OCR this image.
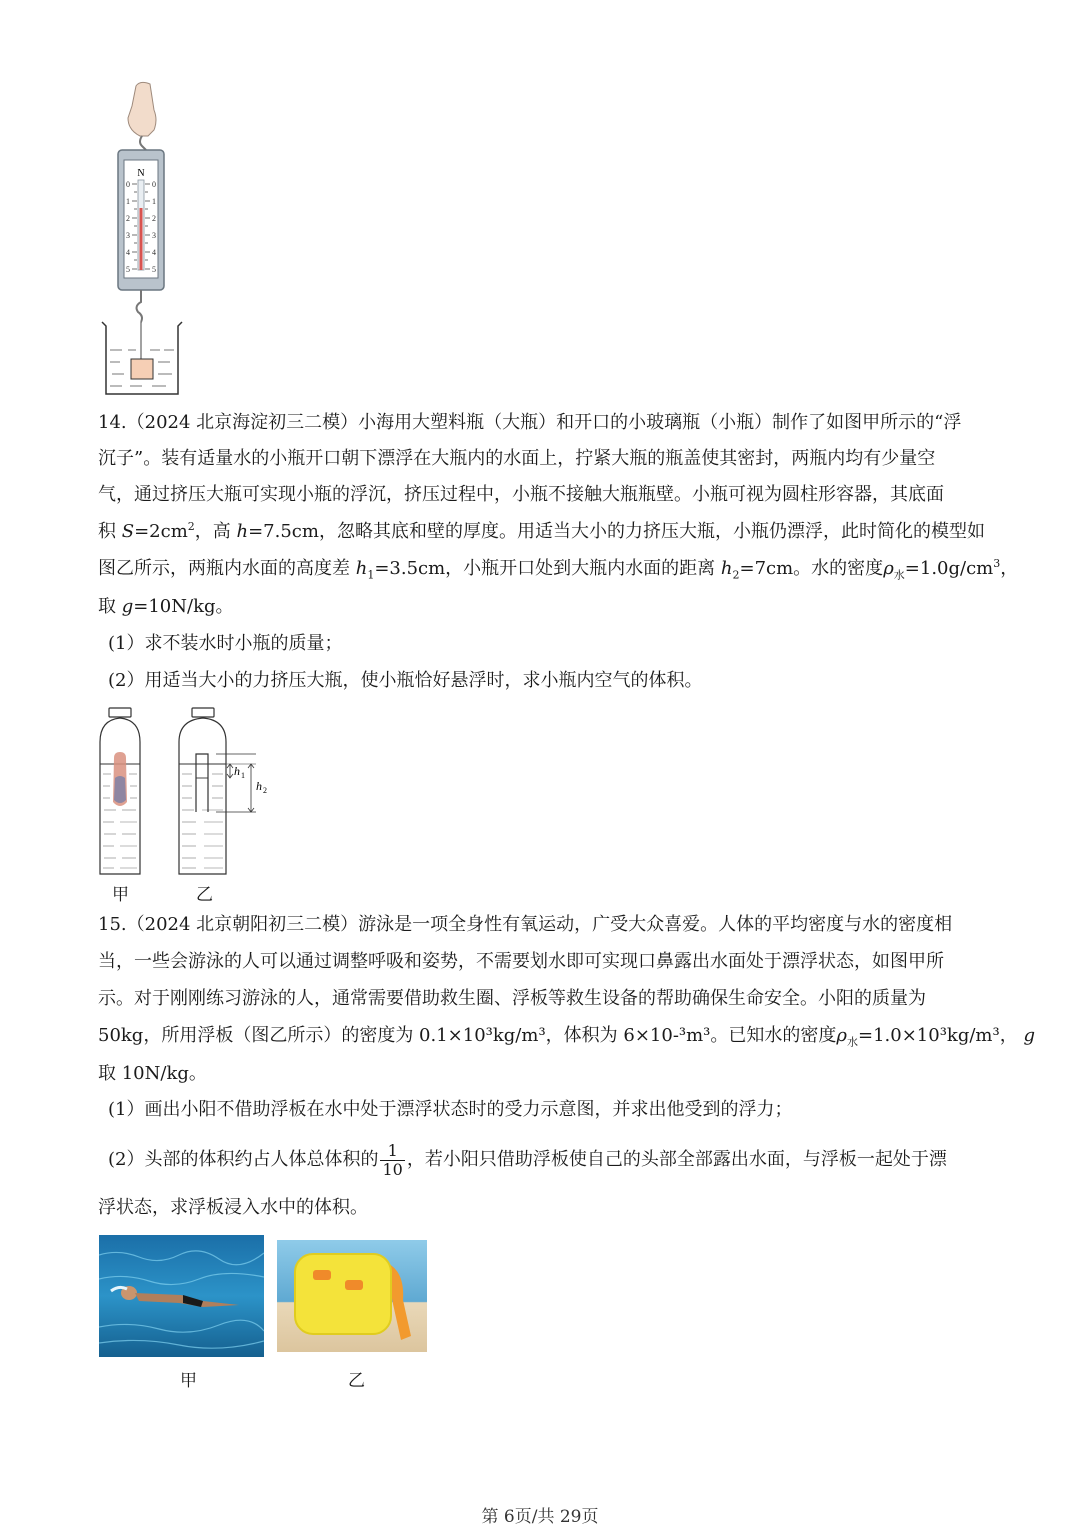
N
0
1
2
3
4
5
0
1
2
3
4
5
14.（2024 北京海淀初三二模）小海用大塑料瓶（大瓶）和开口的小玻璃瓶（小瓶）制作了如图甲所示的“浮
沉子”。装有适量水的小瓶开口朝下漂浮在大瓶内的水面上，拧紧大瓶的瓶盖使其密封，两瓶内均有少量空
气，通过挤压大瓶可实现小瓶的浮沉，挤压过程中，小瓶不接触大瓶瓶壁。小瓶可视为圆柱形容器，其底面
积 $S=2cm^2$，高 h=7.5cm，忽略其底和壁的厚度。用适当大小的力挤压大瓶，小瓶仍漂浮，此时简化的模型如
图乙所示，两瓶内水面的高度差 $h_1=3.5cm$，小瓶开口处到大瓶内水面的距离 $h_2=7cm$。水的密度$\rho_水=1.0g/cm^3$，
取 g=10N/kg。
(1）求不装水时小瓶的质量；
(2）用适当大小的力挤压大瓶，使小瓶恰好悬浮时，求小瓶内空气的体积。
h 1
h 2
甲	乙
15.（2024 北京朝阳初三二模）游泳是一项全身性有氧运动，广受大众喜爱。人体的平均密度与水的密度相
当，一些会游泳的人可以通过调整呼吸和姿势，不需要划水即可实现口鼻露出水面处于漂浮状态，如图甲所
示。对于刚刚练习游泳的人，通常需要借助救生圈、浮板等救生设备的帮助确保生命安全。小阳的质量为
50kg，所用浮板（图乙所示）的密度为 0.1×10³kg/m³，体积为 6×10-³m³。已知水的密度$\rho_水=1.0\times 10^3kg/m^3$， g
取 10N/kg。
(1）画出小阳不借助浮板在水中处于漂浮状态时的受力示意图，并求出他受到的浮力；
(2）头部的体积约占人体总体积的 $\frac{1}{10}$ ，若小阳只借助浮板使自己的头部全部露出水面，与浮板一起处于漂
浮状态，求浮板浸入水中的体积。
甲	乙
第 6页/共 29页
